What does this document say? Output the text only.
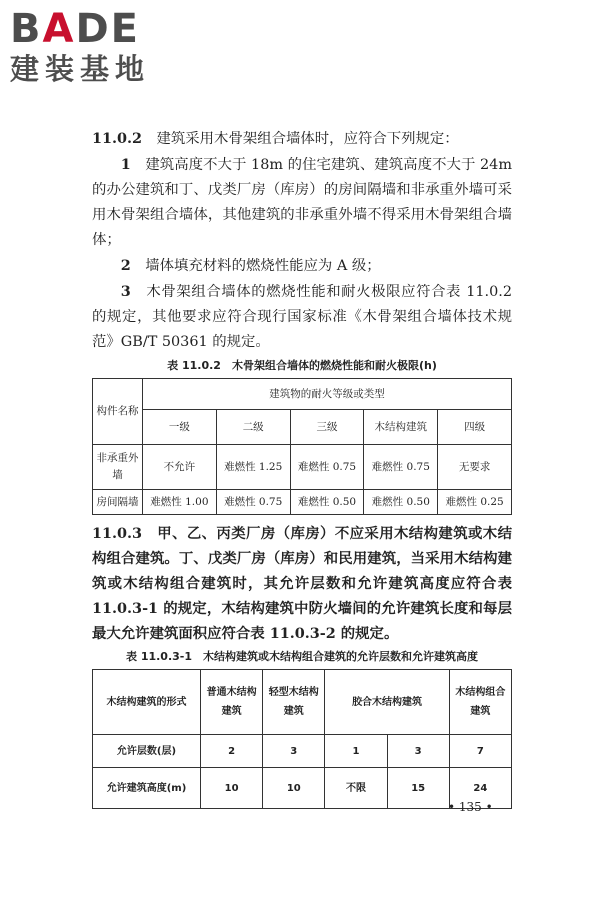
BADE
建装基地

11.0.2　 建筑采用木骨架组合墙体时，应符合下列规定：

1　 建筑高度不大于 18m 的住宅建筑、建筑高度不大于 24m 的办公建筑和丁、戊类厂房（库房）的房间隔墙和非承重外墙可采用木骨架组合墙体，其他建筑的非承重外墙不得采用木骨架组合墙体；

2　 墙体填充材料的燃烧性能应为 A 级；

3　 木骨架组合墙体的燃烧性能和耐火极限应符合表 11.0.2 的规定，其他要求应符合现行国家标准《木骨架组合墙体技术规范》GB/T 50361 的规定。

表 11.0.2　木骨架组合墙体的燃烧性能和耐火极限(h)
构件名称	建筑物的耐火等级或类型				
	一级	二级	三级	木结构建筑	四级
非承重外墙	不允许	难燃性 1.25	难燃性 0.75	难燃性 0.75	无要求
房间隔墙	难燃性 1.00	难燃性 0.75	难燃性 0.50	难燃性 0.50	难燃性 0.25

11.0.3　 甲、乙、丙类厂房（库房）不应采用木结构建筑或木结构组合建筑。丁、戊类厂房（库房）和民用建筑，当采用木结构建筑或木结构组合建筑时，其允许层数和允许建筑高度应符合表 11.0.3-1 的规定，木结构建筑中防火墙间的允许建筑长度和每层最大允许建筑面积应符合表 11.0.3-2 的规定。

表 11.0.3-1　木结构建筑或木结构组合建筑的允许层数和允许建筑高度
木结构建筑的形式	普通木结构建筑	轻型木结构建筑	胶合木结构建筑		木结构组合建筑
允许层数(层)	2	3	1	3	7
允许建筑高度(m)	10	10	不限	15	24
• 135 •
